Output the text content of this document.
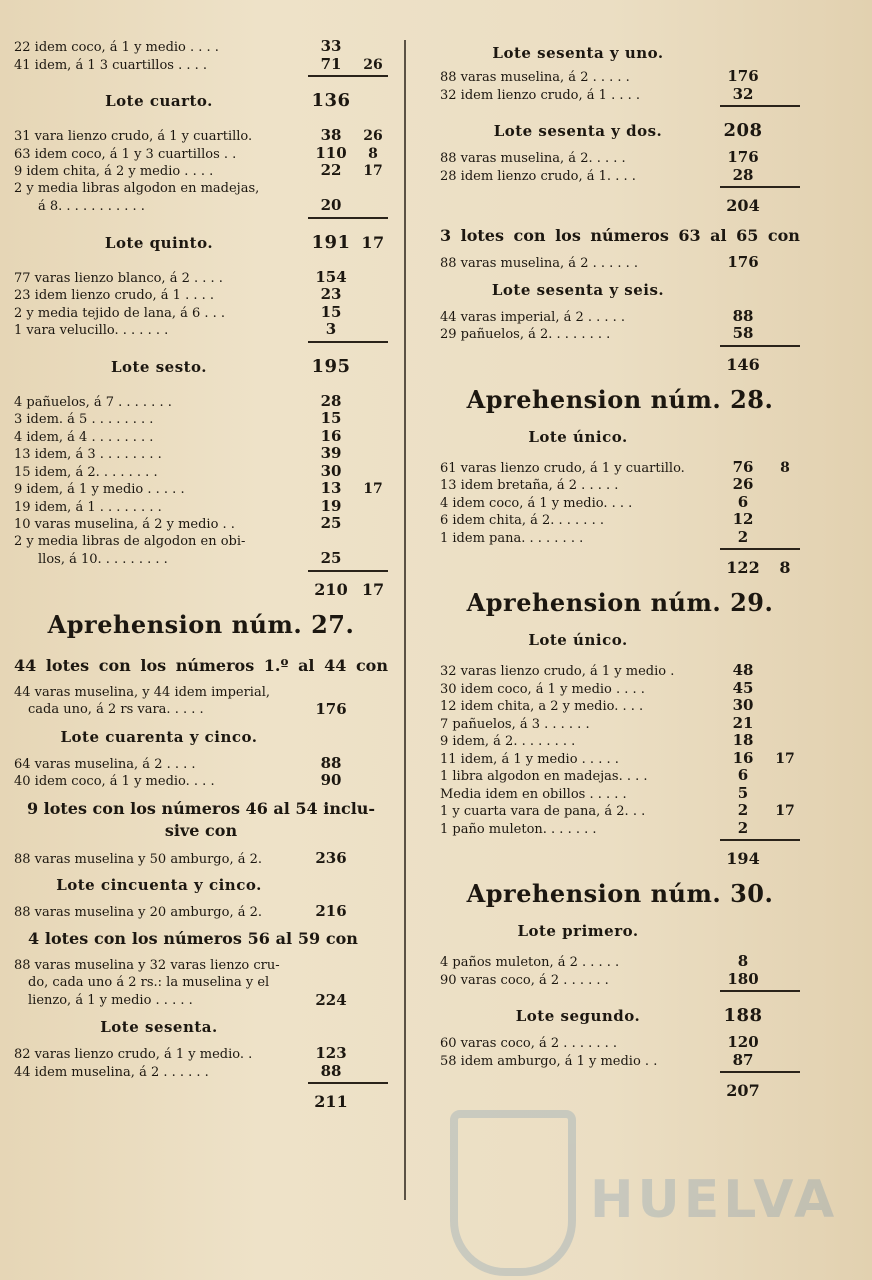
22 idem coco, á 1 y medio . . . .	33
41 idem, á 1 3 cuartillos . . . .	71	26
Lote cuarto.	136
31 vara lienzo crudo, á 1 y cuartillo.	38	26
63 idem coco, á 1 y 3 cuartillos . .	110	8
9 idem chita, á 2 y medio . . . .	22	17
2 y media libras algodon en madejas,
á 8. . . . . . . . . . .	20
Lote quinto.	191 17
77 varas lienzo blanco, á 2 . . . .	154
23 idem lienzo crudo, á 1 . . . .	23
2 y media tejido de lana, á 6 . . .	15
1 vara velucillo. . . . . . .	3
Lote sesto.	195
4 pañuelos, á 7 . . . . . . .	28
3 idem. á 5 . . . . . . . .	15
4 idem, á 4 . . . . . . . .	16
13 idem, á 3 . . . . . . . .	39
15 idem, á 2. . . . . . . .	30
9 idem, á 1 y medio . . . . .	13	17
19 idem, á 1 . . . . . . . .	19
10 varas muselina, á 2 y medio . .	25
2 y media libras de algodon en obi-
llos, á 10. . . . . . . . .	25
210 17
Aprehension núm. 27.
44 lotes con los números 1.º al 44 con
44 varas muselina, y 44 idem imperial,
cada uno, á 2 rs vara. . . . .	176
Lote cuarenta y cinco.
64 varas muselina, á 2 . . . .	88
40 idem coco, á 1 y medio. . . .	90
9 lotes con los números 46 al 54 inclu-
sive con
88 varas muselina y 50 amburgo, á 2.	236
Lote cincuenta y cinco.
88 varas muselina y 20 amburgo, á 2.	216
4 lotes con los números 56 al 59 con
88 varas muselina y 32 varas lienzo cru-
do, cada uno á 2 rs.: la muselina y el
lienzo, á 1 y medio . . . . .	224
Lote sesenta.
82 varas lienzo crudo, á 1 y medio. .	123
44 idem muselina, á 2 . . . . . .	88
211
Lote sesenta y uno.
88 varas muselina, á 2 . . . . .	176
32 idem lienzo crudo, á 1 . . . .	32
Lote sesenta y dos.	208
88 varas muselina, á 2. . . . .	176
28 idem lienzo crudo, á 1. . . .	28
204
3 lotes con los números 63 al 65 con
88 varas muselina, á 2 . . . . . .	176
Lote sesenta y seis.
44 varas imperial, á 2 . . . . .	88
29 pañuelos, á 2. . . . . . . .	58
146
Aprehension núm. 28.
Lote único.
61 varas lienzo crudo, á 1 y cuartillo.	76	8
13 idem bretaña, á 2 . . . . .	26
4 idem coco, á 1 y medio. . . .	6
6 idem chita, á 2. . . . . . .	12
1 idem pana. . . . . . . .	2
122	8
Aprehension núm. 29.
Lote único.
32 varas lienzo crudo, á 1 y medio .	48
30 idem coco, á 1 y medio . . . .	45
12 idem chita, a 2 y medio. . . .	30
7 pañuelos, á 3 . . . . . .	21
9 idem, á 2. . . . . . . .	18
11 idem, á 1 y medio . . . . .	16	17
1 libra algodon en madejas. . . .	6
Media idem en obillos . . . . .	5
1 y cuarta vara de pana, á 2. . .	2	17
1 paño muleton. . . . . . .	2
194
Aprehension núm. 30.
Lote primero.
4 paños muleton, á 2 . . . . .	8
90 varas coco, á 2 . . . . . .	180
Lote segundo.	188
60 varas coco, á 2 . . . . . . .	120
58 idem amburgo, á 1 y medio . .	87
207
HUELVA
